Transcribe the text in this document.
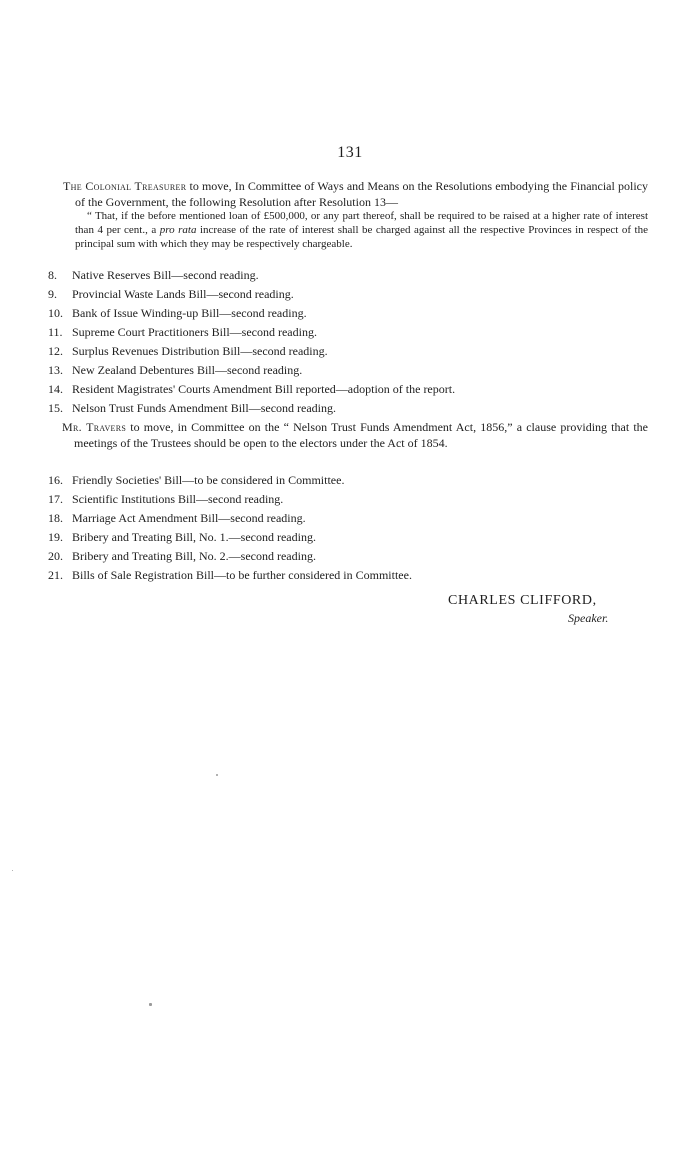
131
The Colonial Treasurer to move, In Committee of Ways and Means on the Resolutions embodying the Financial policy of the Government, the following Resolution after Resolution 13—
“ That, if the before mentioned loan of £500,000, or any part thereof, shall be required to be raised at a higher rate of interest than 4 per cent., a pro rata increase of the rate of interest shall be charged against all the respective Provinces in respect of the principal sum with which they may be respectively chargeable.
8. Native Reserves Bill—second reading.
9. Provincial Waste Lands Bill—second reading.
10. Bank of Issue Winding-up Bill—second reading.
11. Supreme Court Practitioners Bill—second reading.
12. Surplus Revenues Distribution Bill—second reading.
13. New Zealand Debentures Bill—second reading.
14. Resident Magistrates' Courts Amendment Bill reported—adoption of the report.
15. Nelson Trust Funds Amendment Bill—second reading.
Mr. Travers to move, in Committee on the “ Nelson Trust Funds Amendment Act, 1856,” a clause providing that the meetings of the Trustees should be open to the electors under the Act of 1854.
16. Friendly Societies' Bill—to be considered in Committee.
17. Scientific Institutions Bill—second reading.
18. Marriage Act Amendment Bill—second reading.
19. Bribery and Treating Bill, No. 1.—second reading.
20. Bribery and Treating Bill, No. 2.—second reading.
21. Bills of Sale Registration Bill—to be further considered in Committee.
CHARLES CLIFFORD,
Speaker.
